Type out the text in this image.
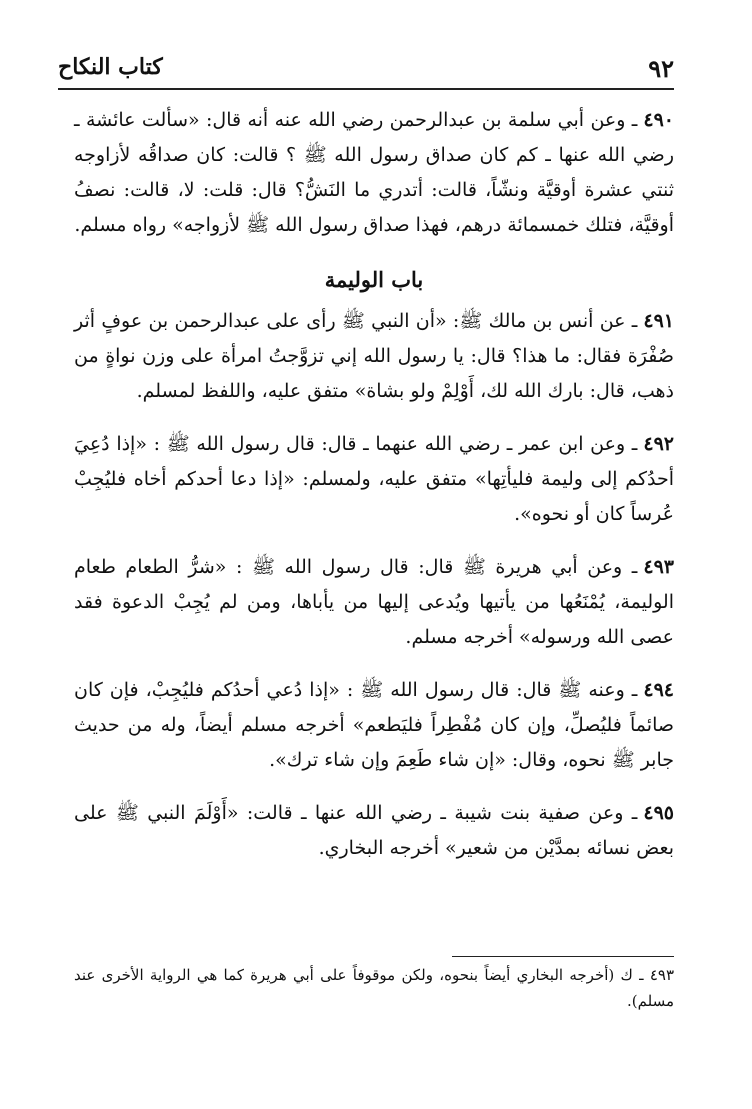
كتاب النكاح	٩٢

٤٩٠ـ وعن أبي سلمة بن عبدالرحمن رضي الله عنه أنه قال: «سألت عائشة ـ رضي الله عنها ـ كم كان صداق رسول الله ﷺ ؟ قالت: كان صداقُه لأزاوجه ثنتي عشرة أوقيَّة ونشّاً، قالت: أتدري ما النَشُّ؟ قال: قلت: لا، قالت: نصفُ أوقيَّة، فتلك خمسمائة درهم، فهذا صداق رسول الله ﷺ لأزواجه» رواه مسلم.

باب الوليمة

٤٩١ـ عن أنس بن مالك ﷺ: «أن النبي ﷺ رأى على عبدالرحمن بن عوفٍ أثر صُفْرَة فقال: ما هذا؟ قال: يا رسول الله إني تزوَّجتُ امرأة على وزن نواةٍ من ذهب، قال: بارك الله لك، أَوْلِمْ ولو بشاة» متفق عليه، واللفظ لمسلم.

٤٩٢ـ وعن ابن عمر ـ رضي الله عنهما ـ قال: قال رسول الله ﷺ : «إذا دُعِيَ أحدُكم إلى وليمة فليأتِها» متفق عليه، ولمسلم: «إذا دعا أحدكم أخاه فليُجِبْ عُرساً كان أو نحوه».

٤٩٣ـ وعن أبي هريرة ﷺ قال: قال رسول الله ﷺ : «شرُّ الطعام طعام الوليمة، يُمْنَعُها من يأتيها ويُدعى إليها من يأباها، ومن لم يُجِبْ الدعوة فقد عصى الله ورسوله» أخرجه مسلم.

٤٩٤ـ وعنه ﷺ قال: قال رسول الله ﷺ : «إذا دُعي أحدُكم فليُجِبْ، فإن كان صائماً فليُصلِّ، وإن كان مُفْطِراً فليَطعم» أخرجه مسلم أيضاً، وله من حديث جابر ﷺ نحوه، وقال: «إن شاء طَعِمَ وإن شاء ترك».

٤٩٥ـ وعن صفية بنت شيبة ـ رضي الله عنها ـ قالت: «أَوْلَمَ النبي ﷺ على بعض نسائه بمدَّيْن من شعير» أخرجه البخاري.

٤٩٣ ـ ك (أخرجه البخاري أيضاً بنحوه، ولكن موقوفاً على أبي هريرة كما هي الرواية الأخرى عند مسلم).
